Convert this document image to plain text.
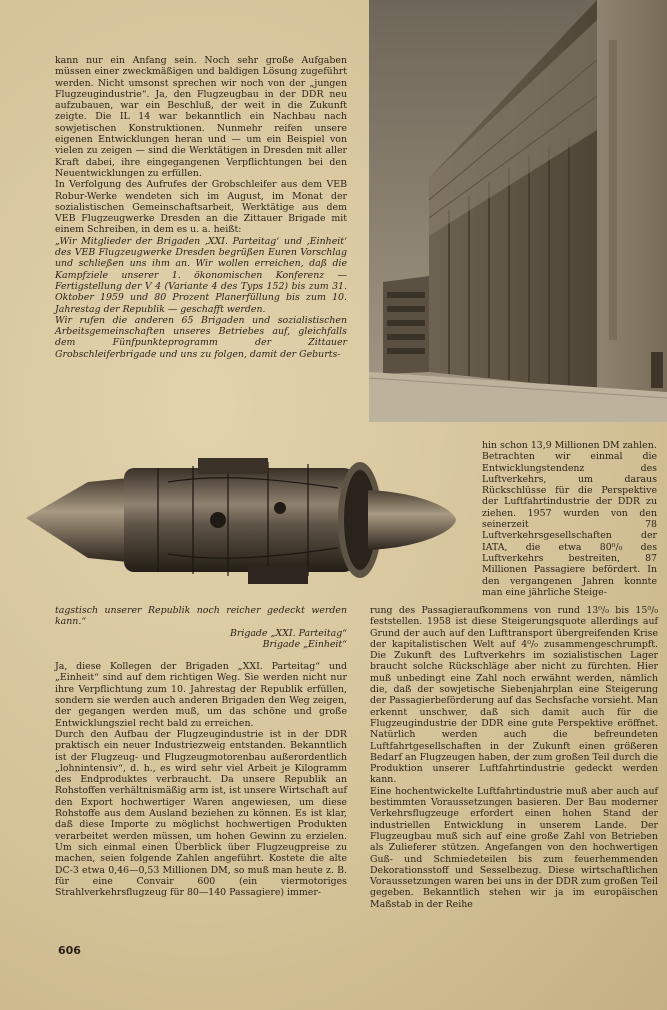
kann nur ein Anfang sein. Noch sehr große Aufgaben müssen einer zweckmäßigen und baldigen Lösung zugeführt werden. Nicht umsonst sprechen wir noch von der „jungen Flugzeugindustrie“. Ja, den Flugzeugbau in der DDR neu aufzubauen, war ein Beschluß, der weit in die Zukunft zeigte. Die IL 14 war bekanntlich ein Nachbau nach sowjetischen Konstruktionen. Nunmehr reifen unsere eigenen Entwicklungen heran und — um ein Beispiel von vielen zu zeigen — sind die Werktätigen in Dresden mit aller Kraft dabei, ihre eingegangenen Verpflichtungen bei den Neuentwicklungen zu erfüllen.

In Verfolgung des Aufrufes der Grobschleifer aus dem VEB Robur-Werke wendeten sich im August, im Monat der sozialistischen Gemeinschaftsarbeit, Werktätige aus dem VEB Flugzeugwerke Dresden an die Zittauer Brigade mit einem Schreiben, in dem es u. a. heißt:

„Wir Mitglieder der Brigaden ,XXI. Parteitag‘ und ,Einheit‘ des VEB Flugzeugwerke Dresden begrüßen Euren Vorschlag und schließen uns ihm an. Wir wollen erreichen, daß die Kampfziele unserer 1. ökonomischen Konferenz — Fertigstellung der V 4 (Variante 4 des Typs 152) bis zum 31. Oktober 1959 und 80 Prozent Planerfüllung bis zum 10. Jahrestag der Republik — geschafft werden.

Wir rufen die anderen 65 Brigaden und sozialistischen Arbeitsgemeinschaften unseres Betriebes auf, gleichfalls dem Fünfpunkteprogramm der Zittauer Grobschleiferbrigade und uns zu folgen, damit der Geburts-

hin schon 13,9 Millionen DM zahlen.

Betrachten wir einmal die Entwicklungstendenz des Luftverkehrs, um daraus Rückschlüsse für die Perspektive der Luftfahrtindustrie der DDR zu ziehen. 1957 wurden von den seinerzeit 78 Luftverkehrsgesellschaften der IATA, die etwa 80⁰/₀ des Luftverkehrs bestreiten, 87 Millionen Passagiere befördert. In den vergangenen Jahren konnte man eine jährliche Steige-

tagstisch unserer Republik noch reicher gedeckt werden kann.“

Brigade „XXI. Parteitag“

Brigade „Einheit“

Ja, diese Kollegen der Brigaden „XXI. Parteitag“ und „Einheit“ sind auf dem richtigen Weg. Sie werden nicht nur ihre Verpflichtung zum 10. Jahrestag der Republik erfüllen, sondern sie werden auch anderen Brigaden den Weg zeigen, der gegangen werden muß, um das schöne und große Entwicklungsziel recht bald zu erreichen.

Durch den Aufbau der Flugzeugindustrie ist in der DDR praktisch ein neuer Industriezweig entstanden. Bekanntlich ist der Flugzeug- und Flugzeugmotorenbau außerordentlich „lohnintensiv“, d. h., es wird sehr viel Arbeit je Kilogramm des Endproduktes verbraucht. Da unsere Republik an Rohstoffen verhältnismäßig arm ist, ist unsere Wirtschaft auf den Export hochwertiger Waren angewiesen, um diese Rohstoffe aus dem Ausland beziehen zu können. Es ist klar, daß diese Importe zu möglichst hochwertigen Produkten verarbeitet werden müssen, um hohen Gewinn zu erzielen. Um sich einmal einen Überblick über Flugzeugpreise zu machen, seien folgende Zahlen angeführt. Kostete die alte DC-3 etwa 0,46—0,53 Millionen DM, so muß man heute z. B. für eine Convair 600 (ein viermotoriges Strahlverkehrsflugzeug für 80—140 Passagiere) immer-

rung des Passagieraufkommens von rund 13⁰/₀ bis 15⁰/₀ feststellen. 1958 ist diese Steigerungsquote allerdings auf Grund der auch auf den Lufttransport übergreifenden Krise der kapitalistischen Welt auf 4⁰/₀ zusammengeschrumpft. Die Zukunft des Luftverkehrs im sozialistischen Lager braucht solche Rückschläge aber nicht zu fürchten. Hier muß unbedingt eine Zahl noch erwähnt werden, nämlich die, daß der sowjetische Siebenjahrplan eine Steigerung der Passagierbeförderung auf das Sechsfache vorsieht. Man erkennt unschwer, daß sich damit auch für die Flugzeugindustrie der DDR eine gute Perspektive eröffnet. Natürlich werden auch die befreundeten Luftfahrtgesellschaften in der Zukunft einen größeren Bedarf an Flugzeugen haben, der zum großen Teil durch die Produktion unserer Luftfahrtindustrie gedeckt werden kann.

Eine hochentwickelte Luftfahrtindustrie muß aber auch auf bestimmten Voraussetzungen basieren. Der Bau moderner Verkehrsflugzeuge erfordert einen hohen Stand der industriellen Entwicklung in unserem Lande. Der Flugzeugbau muß sich auf eine große Zahl von Betrieben als Zulieferer stützen. Angefangen von den hochwertigen Guß- und Schmiedeteilen bis zum feuerhemmenden Dekorationsstoff und Sesselbezug. Diese wirtschaftlichen Voraussetzungen waren bei uns in der DDR zum großen Teil gegeben. Bekanntlich stehen wir ja im europäischen Maßstab in der Reihe

606
